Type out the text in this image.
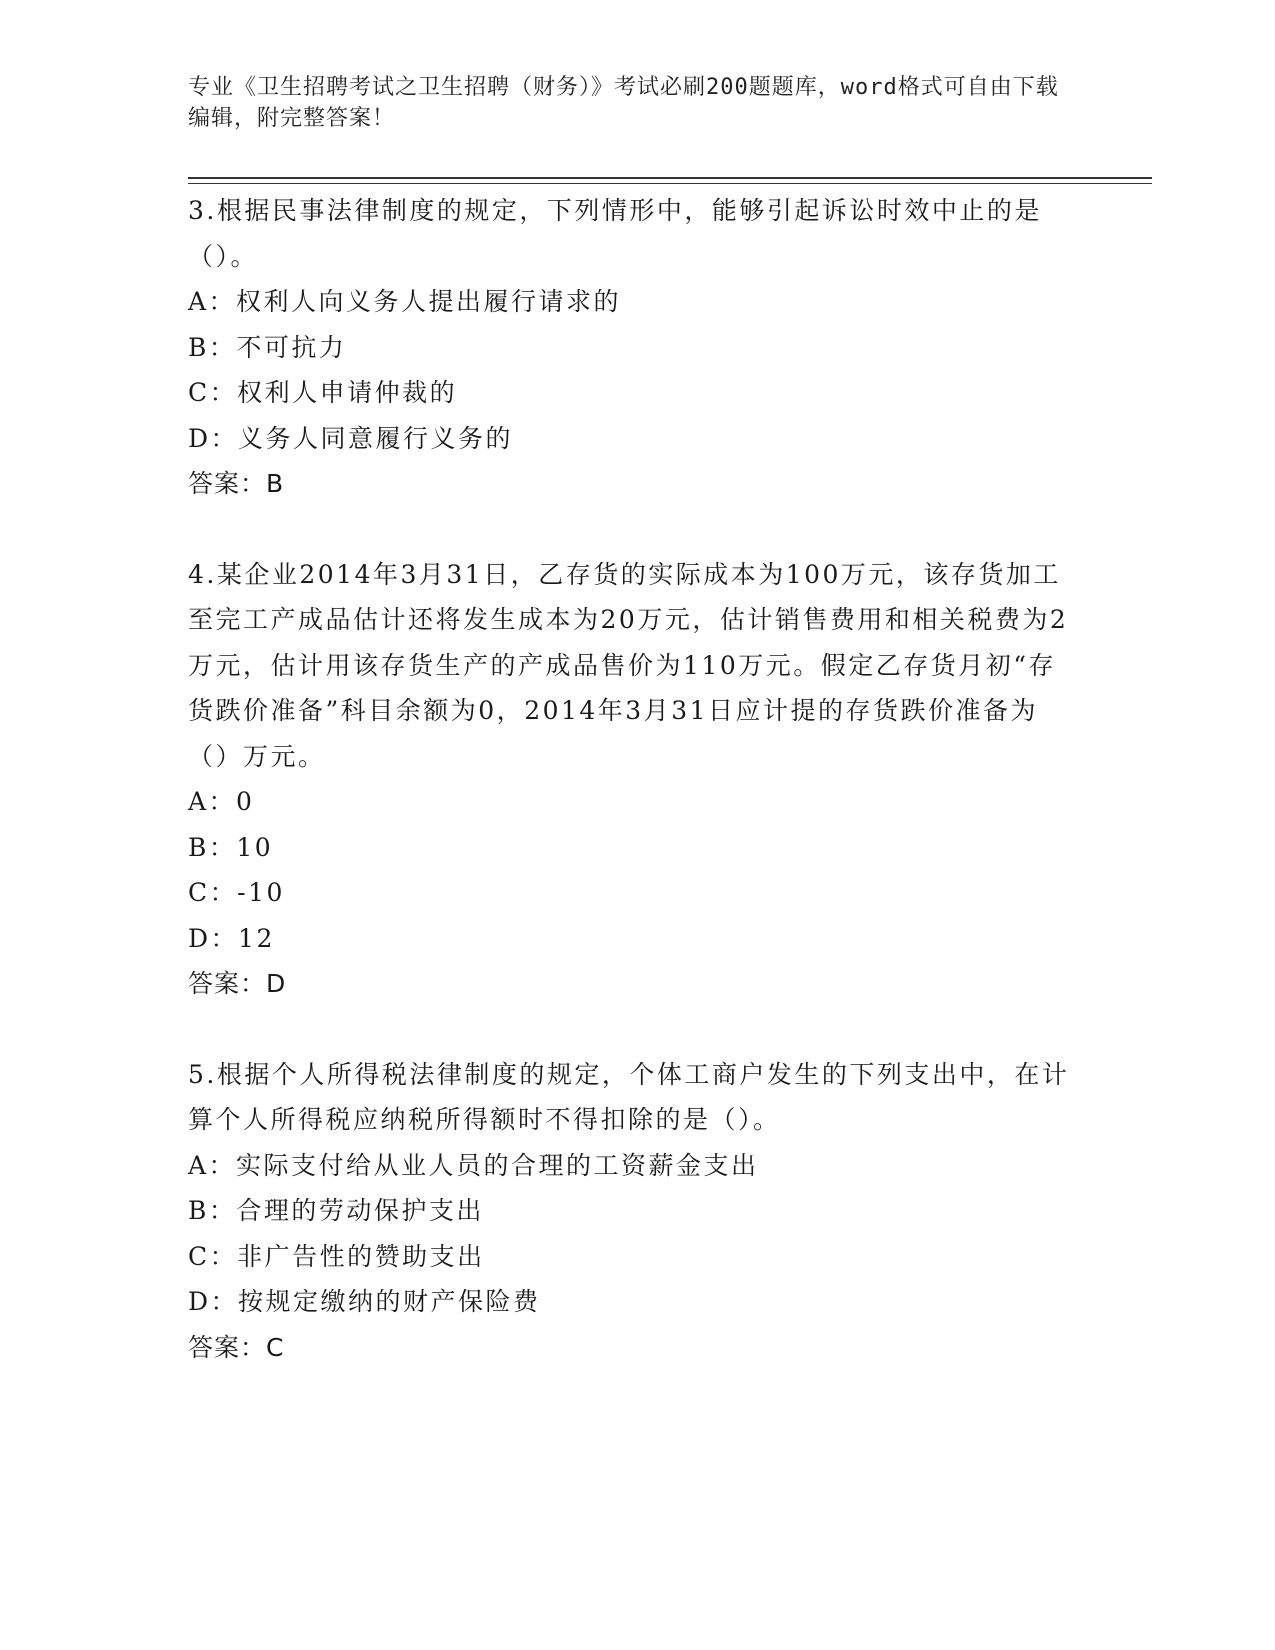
专业《卫生招聘考试之卫生招聘（财务）》考试必刷200题题库，word格式可自由下载编辑，附完整答案！

3.根据民事法律制度的规定，下列情形中，能够引起诉讼时效中止的是（）。

A：权利人向义务人提出履行请求的

B：不可抗力

C：权利人申请仲裁的

D：义务人同意履行义务的

答案：B

4.某企业2014年3月31日，乙存货的实际成本为100万元，该存货加工至完工产成品估计还将发生成本为20万元，估计销售费用和相关税费为2万元，估计用该存货生产的产成品售价为110万元。假定乙存货月初“存货跌价准备”科目余额为0，2014年3月31日应计提的存货跌价准备为（）万元。

A：0

B：10

C：-10

D：12

答案：D

5.根据个人所得税法律制度的规定，个体工商户发生的下列支出中，在计算个人所得税应纳税所得额时不得扣除的是（）。

A：实际支付给从业人员的合理的工资薪金支出

B：合理的劳动保护支出

C：非广告性的赞助支出

D：按规定缴纳的财产保险费

答案：C
